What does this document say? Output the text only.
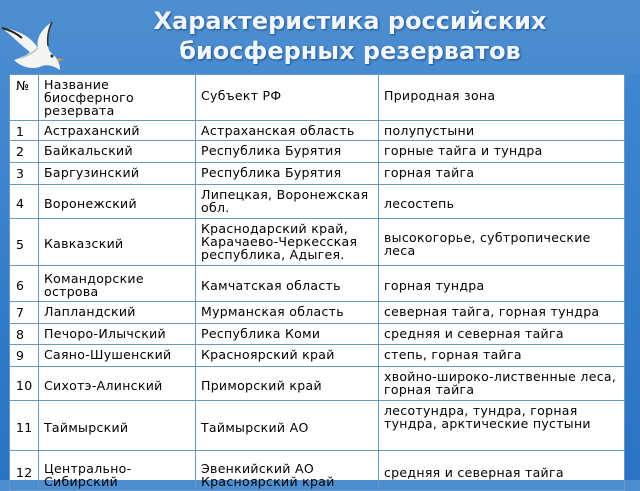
Характеристика российских
биосферных резерватов
№	Название биосферного резервата	Субъект РФ	Природная зона
1	Астраханский	Астраханская область	полупустыни
2	Байкальский	Республика Бурятия	горные тайга и тундра
3	Баргузинский	Республика Бурятия	горная тайга
4	Воронежский	Липецкая, Воронежская обл.	лесостепь
5	Кавказский	Краснодарский край, Карачаево-Черкесская республика, Адыгея.	высокогорье, субтропические леса
6	Командорские острова	Камчатская область	горная тундра
7	Лапландский	Мурманская область	северная тайга, горная тундра
8	Печоро-Илычский	Республика Коми	средняя и северная тайга
9	Саяно-Шушенский	Красноярский край	степь, горная тайга
10	Сихотэ-Алинский	Приморский край	хвойно-широко-лиственные леса, горная тайга
11	Таймырский	Таймырский АО	лесотундра, тундра, горная тундра, арктические пустыни
12	Центрально-Сибирский	Эвенкийский АО Красноярский край	средняя и северная тайга
